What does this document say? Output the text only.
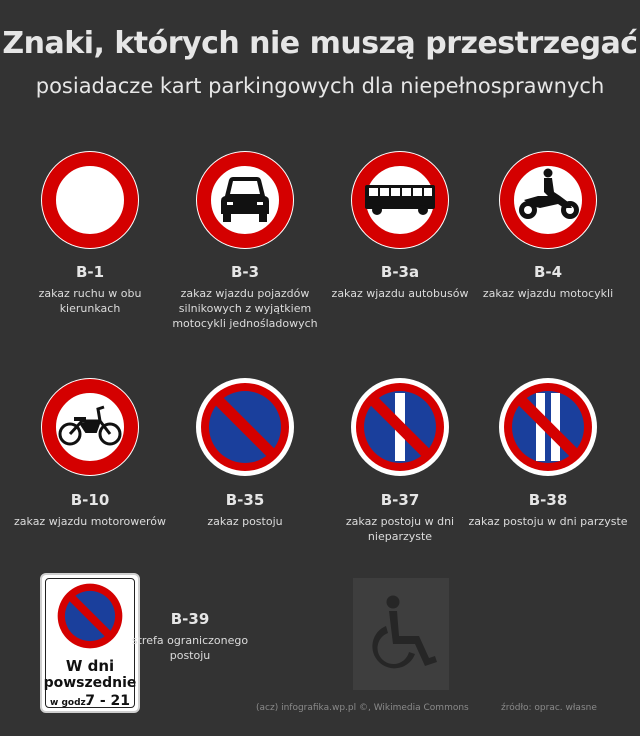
Znaki, których nie muszą przestrzegać
posiadacze kart parkingowych dla niepełnosprawnych
B-1
zakaz ruchu w obu kierunkach
B-3
zakaz wjazdu pojazdów silnikowych z wyjątkiem motocykli jednośladowych
B-3a
zakaz wjazdu autobusów
B-4
zakaz wjazdu motocykli
B-10
zakaz wjazdu motorowerów
B-35
zakaz postoju
B-37
zakaz postoju w dni nieparzyste
B-38
zakaz postoju w dni parzyste
W dni
powszednie
w godz.
7 - 21
B-39
strefa ograniczonego postoju
(acz) infografika.wp.pl ©, Wikimedia Commons	źródło: oprac. własne
